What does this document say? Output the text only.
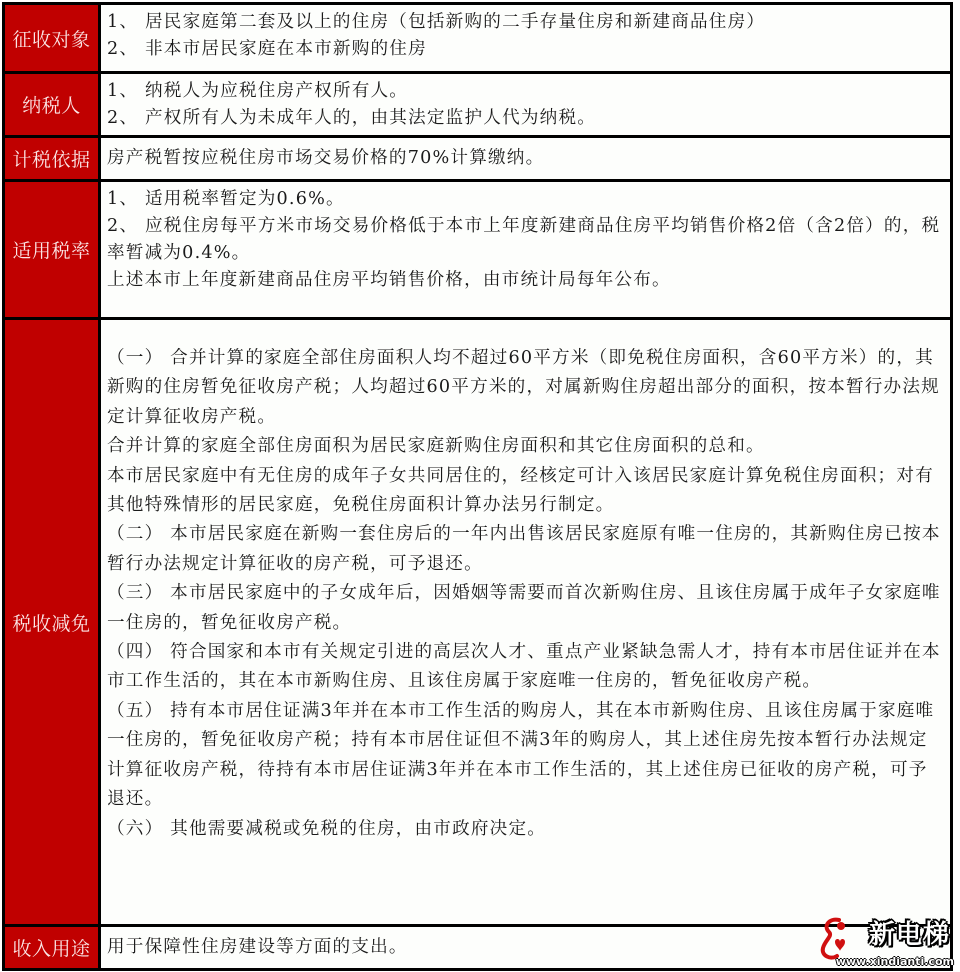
征收对象

1、 居民家庭第二套及以上的住房（包括新购的二手存量住房和新建商品住房）

2、 非本市居民家庭在本市新购的住房

纳税人

1、 纳税人为应税住房产权所有人。

2、 产权所有人为未成年人的，由其法定监护人代为纳税。

计税依据 房产税暂按应税住房市场交易价格的70%计算缴纳。

适用税率

1、 适用税率暂定为0.6%。

2、 应税住房每平方米市场交易价格低于本市上年度新建商品住房平均销售价格2倍（含2倍）的，税率暂减为0.4%。

上述本市上年度新建商品住房平均销售价格，由市统计局每年公布。

税收减免

（一） 合并计算的家庭全部住房面积人均不超过60平方米（即免税住房面积，含60平方米）的，其新购的住房暂免征收房产税；人均超过60平方米的，对属新购住房超出部分的面积，按本暂行办法规定计算征收房产税。

合并计算的家庭全部住房面积为居民家庭新购住房面积和其它住房面积的总和。

本市居民家庭中有无住房的成年子女共同居住的，经核定可计入该居民家庭计算免税住房面积；对有其他特殊情形的居民家庭，免税住房面积计算办法另行制定。

（二） 本市居民家庭在新购一套住房后的一年内出售该居民家庭原有唯一住房的，其新购住房已按本暂行办法规定计算征收的房产税，可予退还。

（三） 本市居民家庭中的子女成年后，因婚姻等需要而首次新购住房、且该住房属于成年子女家庭唯一住房的，暂免征收房产税。

（四） 符合国家和本市有关规定引进的高层次人才、重点产业紧缺急需人才，持有本市居住证并在本市工作生活的，其在本市新购住房、且该住房属于家庭唯一住房的，暂免征收房产税。

（五） 持有本市居住证满3年并在本市工作生活的购房人，其在本市新购住房、且该住房属于家庭唯一住房的，暂免征收房产税；持有本市居住证但不满3年的购房人，其上述住房先按本暂行办法规定计算征收房产税，待持有本市居住证满3年并在本市工作生活的，其上述住房已征收的房产税，可予退还。

（六） 其他需要减税或免税的住房，由市政府决定。

收入用途 用于保障性住房建设等方面的支出。	新电梯
www.xindianti.com
